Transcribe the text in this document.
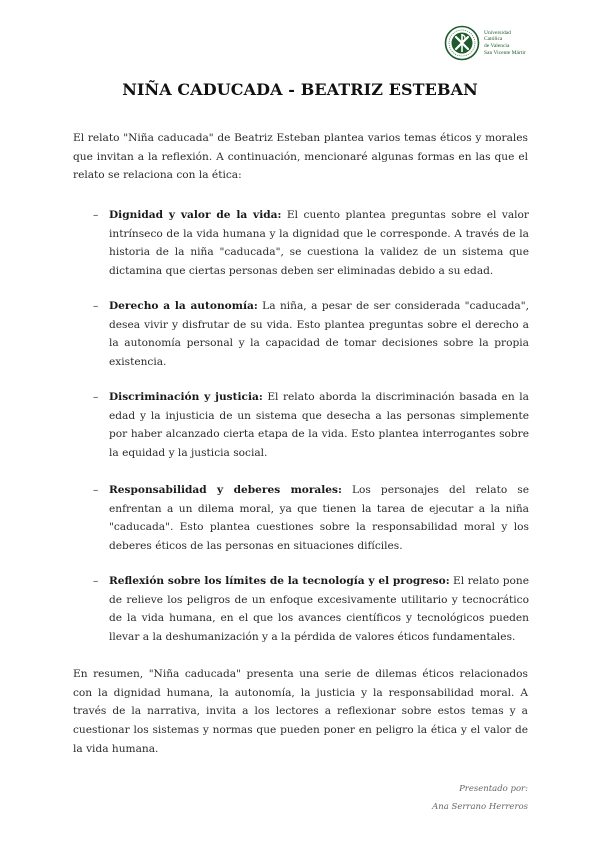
Universidad
Católica
de Valencia
San Vicente Mártir
NIÑA CADUCADA - BEATRIZ ESTEBAN
El relato "Niña caducada" de Beatriz Esteban plantea varios temas éticos y morales que invitan a la reflexión. A continuación, mencionaré algunas formas en las que el relato se relaciona con la ética:
– Dignidad y valor de la vida: El cuento plantea preguntas sobre el valor intrínseco de la vida humana y la dignidad que le corresponde. A través de la historia de la niña "caducada", se cuestiona la validez de un sistema que dictamina que ciertas personas deben ser eliminadas debido a su edad.
– Derecho a la autonomía: La niña, a pesar de ser considerada "caducada", desea vivir y disfrutar de su vida. Esto plantea preguntas sobre el derecho a la autonomía personal y la capacidad de tomar decisiones sobre la propia existencia.
– Discriminación y justicia: El relato aborda la discriminación basada en la edad y la injusticia de un sistema que desecha a las personas simplemente por haber alcanzado cierta etapa de la vida. Esto plantea interrogantes sobre la equidad y la justicia social.
– Responsabilidad y deberes morales: Los personajes del relato se enfrentan a un dilema moral, ya que tienen la tarea de ejecutar a la niña "caducada". Esto plantea cuestiones sobre la responsabilidad moral y los deberes éticos de las personas en situaciones difíciles.
– Reflexión sobre los límites de la tecnología y el progreso: El relato pone de relieve los peligros de un enfoque excesivamente utilitario y tecnocrático de la vida humana, en el que los avances científicos y tecnológicos pueden llevar a la deshumanización y a la pérdida de valores éticos fundamentales.
En resumen, "Niña caducada" presenta una serie de dilemas éticos relacionados con la dignidad humana, la autonomía, la justicia y la responsabilidad moral. A través de la narrativa, invita a los lectores a reflexionar sobre estos temas y a cuestionar los sistemas y normas que pueden poner en peligro la ética y el valor de la vida humana.
Presentado por:
Ana Serrano Herreros
